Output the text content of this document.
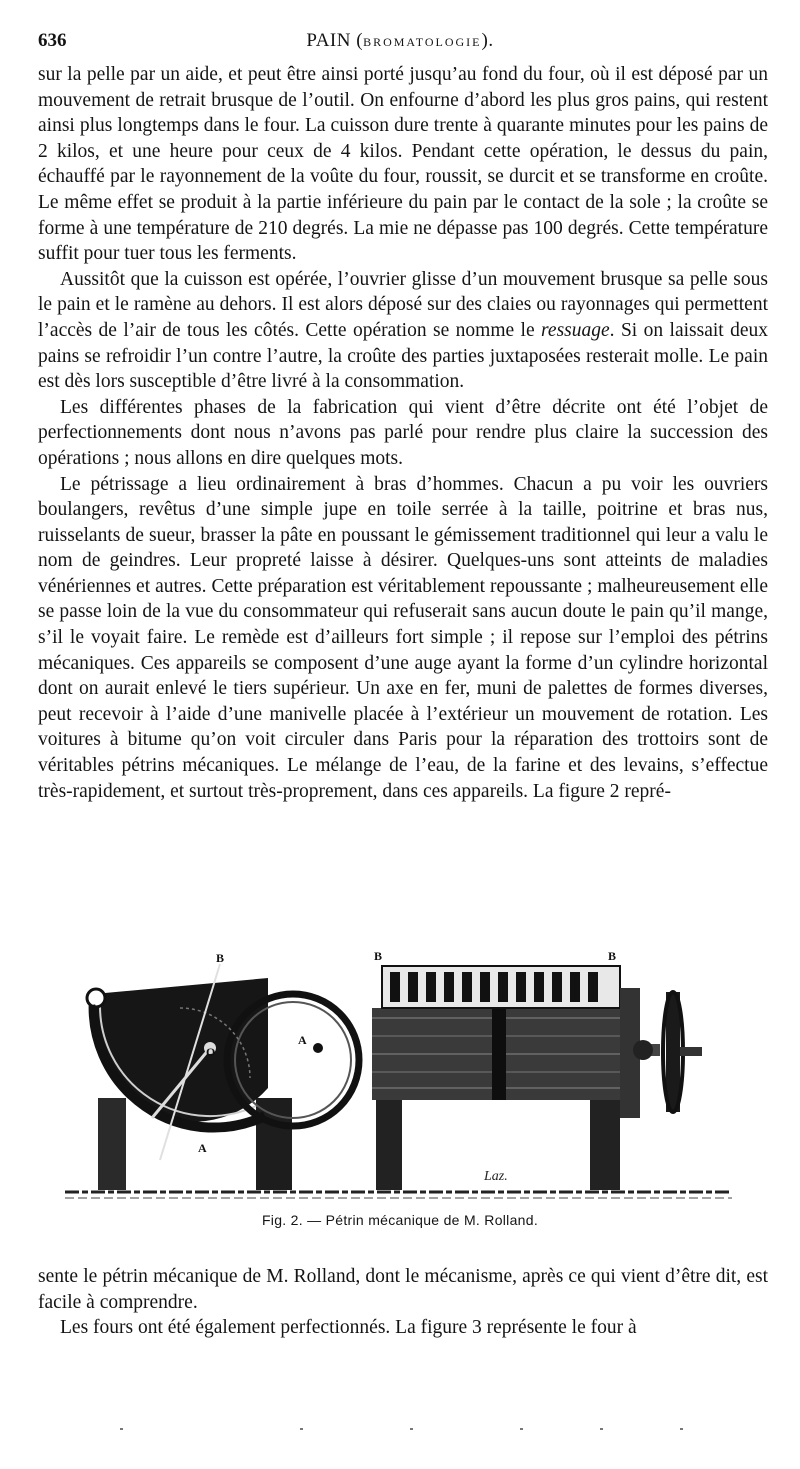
636	PAIN (BROMATOLOGIE).

sur la pelle par un aide, et peut être ainsi porté jusqu’au fond du four, où il est déposé par un mouvement de retrait brusque de l’outil. On enfourne d’abord les plus gros pains, qui restent ainsi plus longtemps dans le four. La cuisson dure trente à quarante minutes pour les pains de 2 kilos, et une heure pour ceux de 4 kilos. Pendant cette opération, le dessus du pain, échauffé par le rayonnement de la voûte du four, roussit, se durcit et se transforme en croûte. Le même effet se produit à la partie inférieure du pain par le contact de la sole ; la croûte se forme à une température de 210 degrés. La mie ne dépasse pas 100 degrés. Cette température suffit pour tuer tous les ferments.

Aussitôt que la cuisson est opérée, l’ouvrier glisse d’un mouvement brusque sa pelle sous le pain et le ramène au dehors. Il est alors déposé sur des claies ou rayonnages qui permettent l’accès de l’air de tous les côtés. Cette opération se nomme le ressuage. Si on laissait deux pains se refroidir l’un contre l’autre, la croûte des parties juxtaposées resterait molle. Le pain est dès lors susceptible d’être livré à la consommation.

Les différentes phases de la fabrication qui vient d’être décrite ont été l’objet de perfectionnements dont nous n’avons pas parlé pour rendre plus claire la succession des opérations ; nous allons en dire quelques mots.

Le pétrissage a lieu ordinairement à bras d’hommes. Chacun a pu voir les ouvriers boulangers, revêtus d’une simple jupe en toile serrée à la taille, poitrine et bras nus, ruisselants de sueur, brasser la pâte en poussant le gémissement traditionnel qui leur a valu le nom de geindres. Leur propreté laisse à désirer. Quelques-uns sont atteints de maladies vénériennes et autres. Cette préparation est véritablement repoussante ; malheureusement elle se passe loin de la vue du consommateur qui refuserait sans aucun doute le pain qu’il mange, s’il le voyait faire. Le remède est d’ailleurs fort simple ; il repose sur l’emploi des pétrins mécaniques. Ces appareils se composent d’une auge ayant la forme d’un cylindre horizontal dont on aurait enlevé le tiers supérieur. Un axe en fer, muni de palettes de formes diverses, peut recevoir à l’aide d’une manivelle placée à l’extérieur un mouvement de rotation. Les voitures à bitume qu’on voit circuler dans Paris pour la réparation des trottoirs sont de véritables pétrins mécaniques. Le mélange de l’eau, de la farine et des levains, s’effectue très-rapidement, et surtout très-proprement, dans ces appareils. La figure 2 repré-

B
A
O
B
A
A
B	B
Laz.
Fig. 2. — Pétrin mécanique de M. Rolland.

sente le pétrin mécanique de M. Rolland, dont le mécanisme, après ce qui vient d’être dit, est facile à comprendre.

Les fours ont été également perfectionnés. La figure 3 représente le four à
